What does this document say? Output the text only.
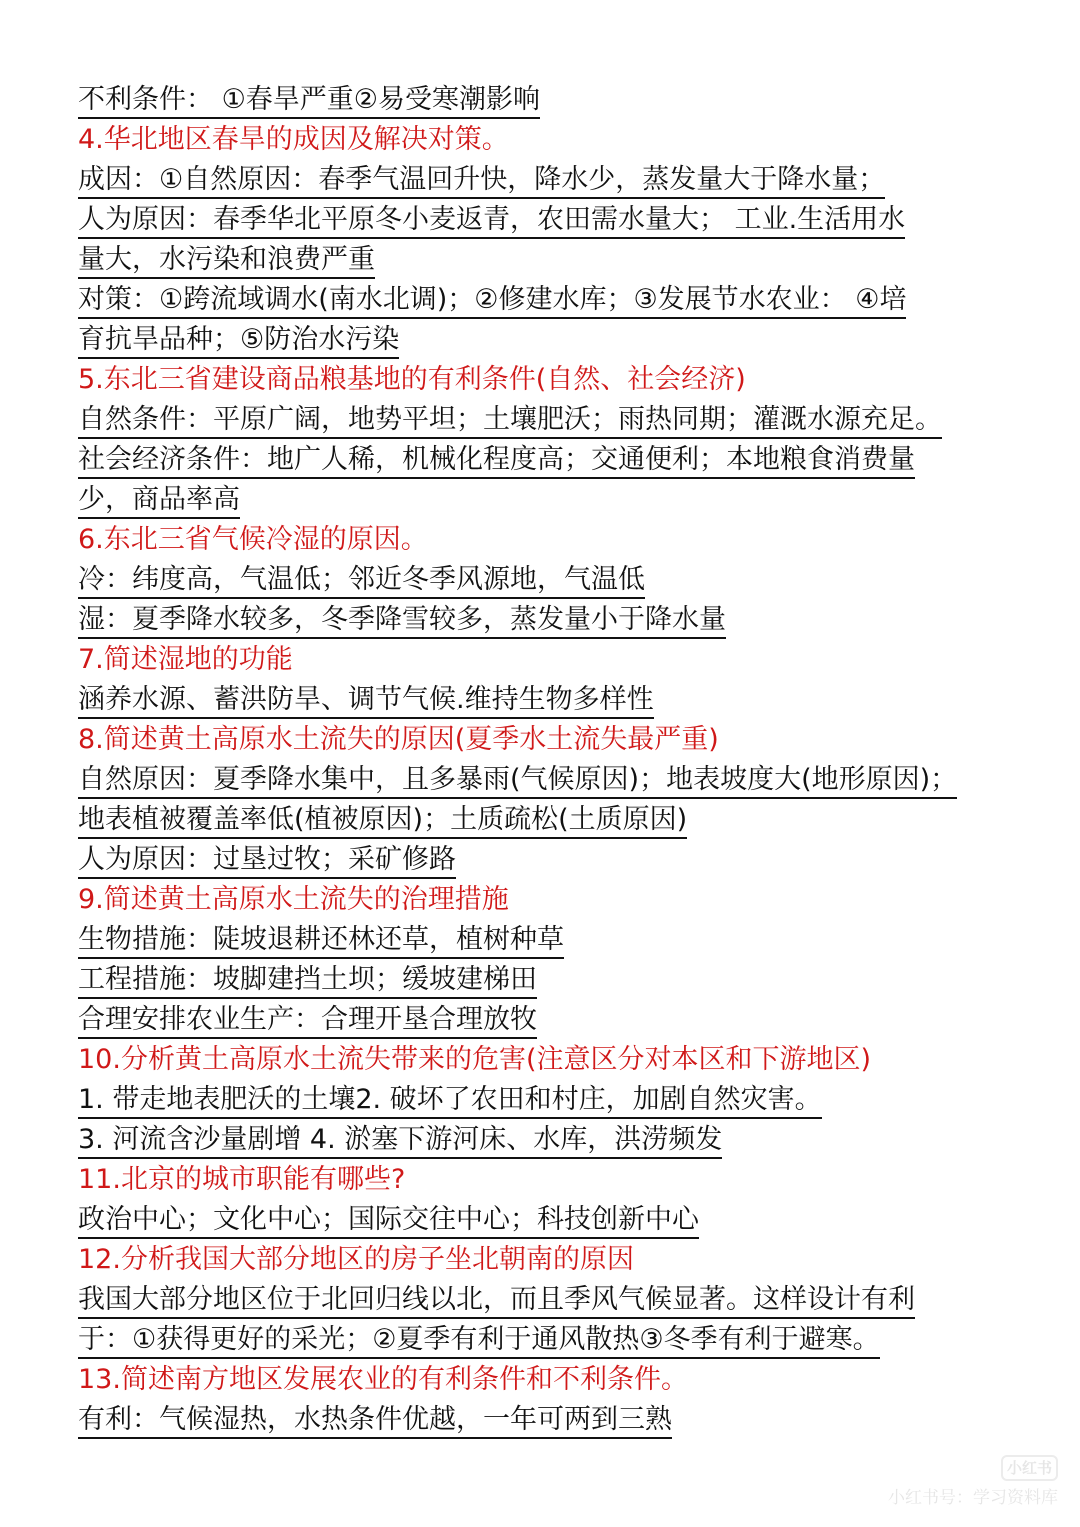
不利条件： ①春旱严重②易受寒潮影响
4.华北地区春旱的成因及解决对策。
成因：①自然原因：春季气温回升快，降水少，蒸发量大于降水量；
人为原因：春季华北平原冬小麦返青，农田需水量大； 工业.生活用水
量大，水污染和浪费严重
对策：①跨流域调水(南水北调)；②修建水库；③发展节水农业： ④培
育抗旱品种；⑤防治水污染
5.东北三省建设商品粮基地的有利条件(自然、社会经济)
自然条件：平原广阔，地势平坦；土壤肥沃；雨热同期；灌溉水源充足。
社会经济条件：地广人稀，机械化程度高；交通便利；本地粮食消费量
少，商品率高
6.东北三省气候冷湿的原因。
冷：纬度高，气温低；邻近冬季风源地，气温低
湿：夏季降水较多，冬季降雪较多，蒸发量小于降水量
7.简述湿地的功能
涵养水源、蓄洪防旱、调节气候.维持生物多样性
8.简述黄土高原水土流失的原因(夏季水土流失最严重)
自然原因：夏季降水集中，且多暴雨(气候原因)；地表坡度大(地形原因)；
地表植被覆盖率低(植被原因)；土质疏松(土质原因)
人为原因：过垦过牧；采矿修路
9.简述黄土高原水土流失的治理措施
生物措施：陡坡退耕还林还草，植树种草
工程措施：坡脚建挡土坝；缓坡建梯田
合理安排农业生产：合理开垦合理放牧
10.分析黄土高原水土流失带来的危害(注意区分对本区和下游地区)
1. 带走地表肥沃的土壤2. 破坏了农田和村庄，加剧自然灾害。
3. 河流含沙量剧增 4. 淤塞下游河床、水库，洪涝频发
11.北京的城市职能有哪些?
政治中心；文化中心；国际交往中心；科技创新中心
12.分析我国大部分地区的房子坐北朝南的原因
我国大部分地区位于北回归线以北，而且季风气候显著。这样设计有利
于：①获得更好的采光；②夏季有利于通风散热③冬季有利于避寒。
13.简述南方地区发展农业的有利条件和不利条件。
有利：气候湿热，水热条件优越，一年可两到三熟
小红书
小红书号：学习资料库
